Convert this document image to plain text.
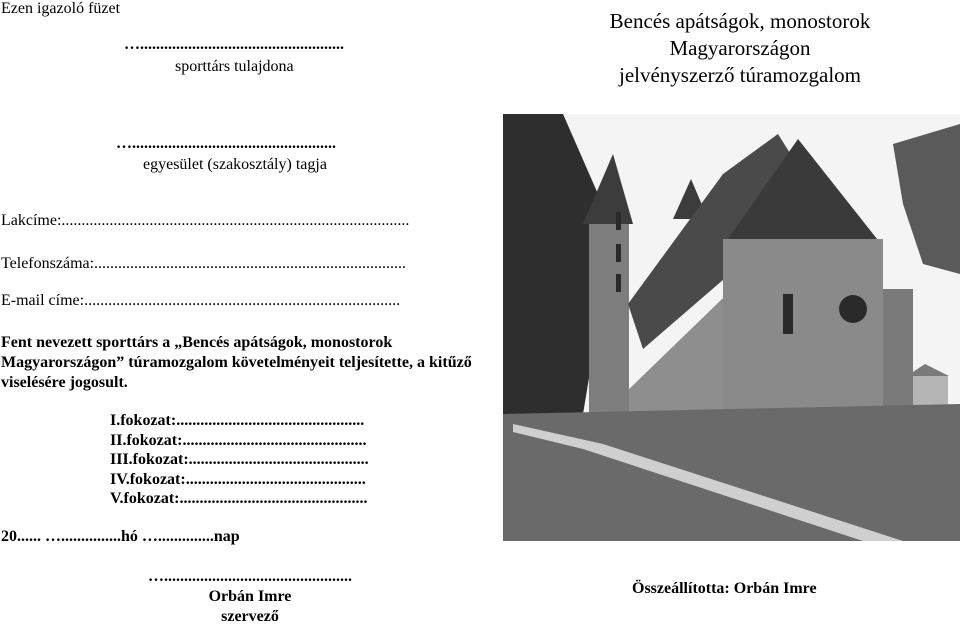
Ezen igazoló füzet
…...................................................
sporttárs tulajdona
Bencés apátságok, monostorok
Magyarországon
jelvényszerző túramozgalom
…...................................................
egyesület (szakosztály) tagja
Lakcíme:.......................................................................................
Telefonszáma:..............................................................................
E-mail címe:...............................................................................
Fent nevezett sporttárs a „Bencés apátságok, monostorok Magyarországon” túramozgalom követelményeit teljesítette, a kitűző viselésére jogosult.
I.fokozat:...............................................
II.fokozat:..............................................
III.fokozat:.............................................
IV.fokozat:.............................................
V.fokozat:...............................................
20...... …...............hó …..............nap
…...............................................
Orbán Imre
szervező
Összeállította: Orbán Imre
